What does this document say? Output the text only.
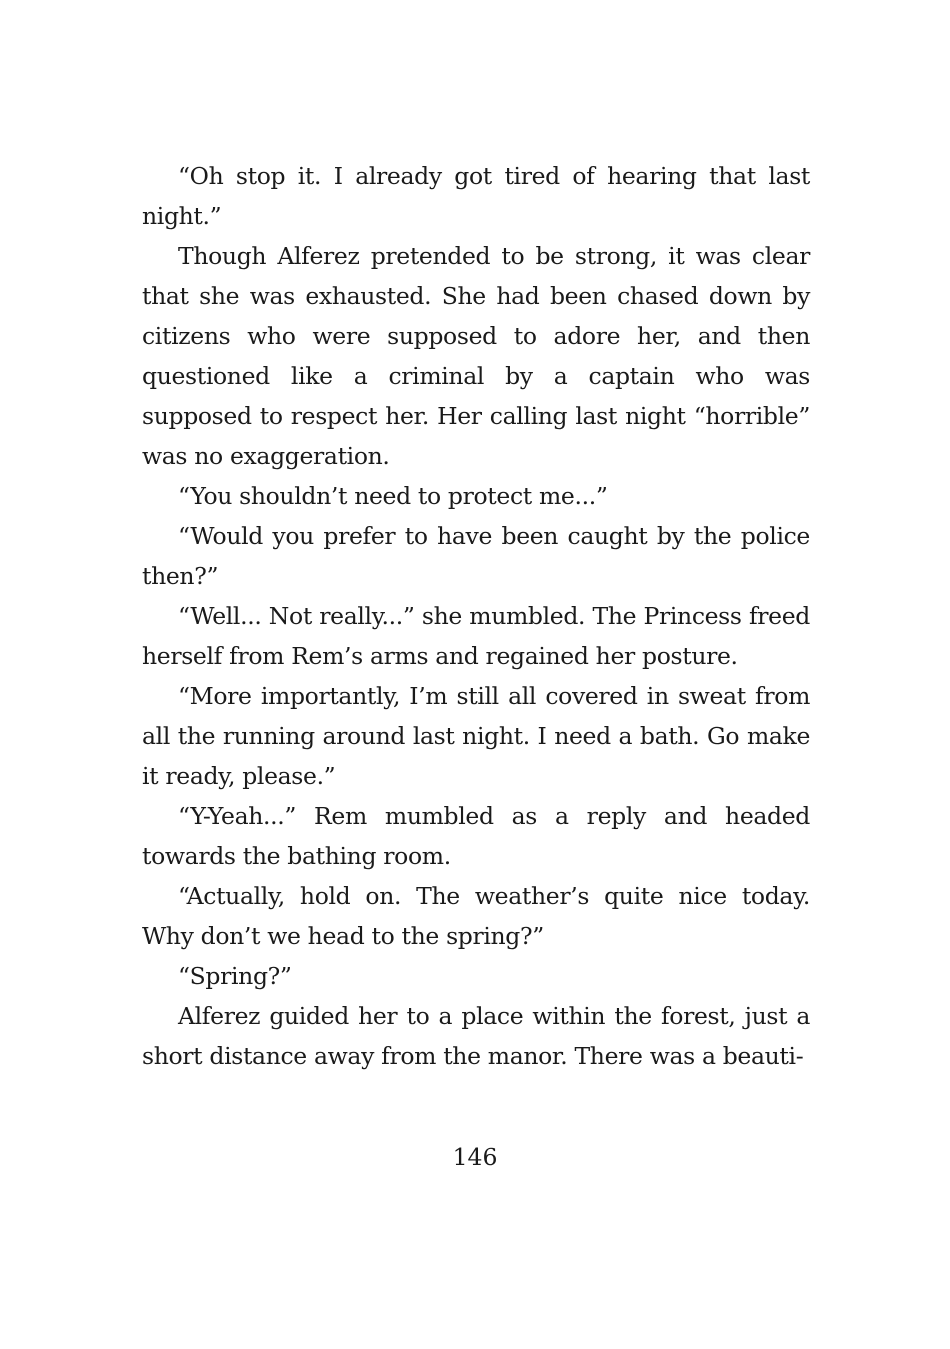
“Oh stop it. I already got tired of hearing that last night.”

Though Alferez pretended to be strong, it was clear that she was exhausted. She had been chased down by citizens who were supposed to adore her, and then questioned like a criminal by a captain who was supposed to respect her. Her calling last night “horrible” was no exaggeration.

“You shouldn’t need to protect me...”

“Would you prefer to have been caught by the police then?”

“Well... Not really...” she mumbled. The Princess freed herself from Rem’s arms and regained her posture.

“More importantly, I’m still all covered in sweat from all the running around last night. I need a bath. Go make it ready, please.”

“Y-Yeah...” Rem mumbled as a reply and headed towards the bathing room.

“Actually, hold on. The weather’s quite nice today. Why don’t we head to the spring?”

“Spring?”

Alferez guided her to a place within the forest, just a short distance away from the manor. There was a beauti-

146
